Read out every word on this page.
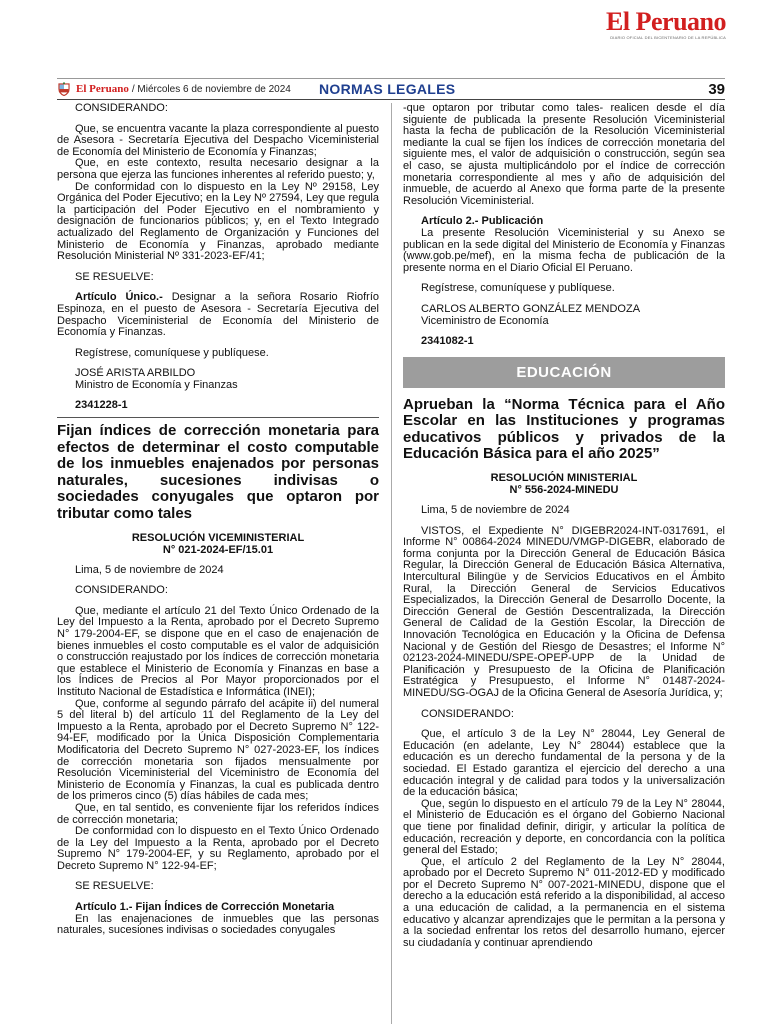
El Peruano
DIARIO OFICIAL DEL BICENTENARIO DE LA REPÚBLICA
El Peruano / Miércoles 6 de noviembre de 2024 NORMAS LEGALES	39

CONSIDERANDO:

Que, se encuentra vacante la plaza correspondiente al puesto de Asesora - Secretaría Ejecutiva del Despacho Viceministerial de Economía del Ministerio de Economía y Finanzas;

Que, en este contexto, resulta necesario designar a la persona que ejerza las funciones inherentes al referido puesto; y,

De conformidad con lo dispuesto en la Ley Nº 29158, Ley Orgánica del Poder Ejecutivo; en la Ley Nº 27594, Ley que regula la participación del Poder Ejecutivo en el nombramiento y designación de funcionarios públicos; y, en el Texto Integrado actualizado del Reglamento de Organización y Funciones del Ministerio de Economía y Finanzas, aprobado mediante Resolución Ministerial Nº 331-2023-EF/41;

SE RESUELVE:

Artículo Único.- Designar a la señora Rosario Riofrío Espinoza, en el puesto de Asesora - Secretaría Ejecutiva del Despacho Viceministerial de Economía del Ministerio de Economía y Finanzas.

Regístrese, comuníquese y publíquese.

JOSÉ ARISTA ARBILDO

Ministro de Economía y Finanzas

2341228-1

Fijan índices de corrección monetaria para efectos de determinar el costo computable de los inmuebles enajenados por personas naturales, sucesiones indivisas o sociedades conyugales que optaron por tributar como tales

RESOLUCIÓN VICEMINISTERIAL

N° 021-2024-EF/15.01

Lima, 5 de noviembre de 2024

CONSIDERANDO:

Que, mediante el artículo 21 del Texto Único Ordenado de la Ley del Impuesto a la Renta, aprobado por el Decreto Supremo N° 179-2004-EF, se dispone que en el caso de enajenación de bienes inmuebles el costo computable es el valor de adquisición o construcción reajustado por los índices de corrección monetaria que establece el Ministerio de Economía y Finanzas en base a los Índices de Precios al Por Mayor proporcionados por el Instituto Nacional de Estadística e Informática (INEI);

Que, conforme al segundo párrafo del acápite ii) del numeral 5 del literal b) del artículo 11 del Reglamento de la Ley del Impuesto a la Renta, aprobado por el Decreto Supremo N° 122-94-EF, modificado por la Única Disposición Complementaria Modificatoria del Decreto Supremo N° 027-2023-EF, los índices de corrección monetaria son fijados mensualmente por Resolución Viceministerial del Viceministro de Economía del Ministerio de Economía y Finanzas, la cual es publicada dentro de los primeros cinco (5) días hábiles de cada mes;

Que, en tal sentido, es conveniente fijar los referidos índices de corrección monetaria;

De conformidad con lo dispuesto en el Texto Único Ordenado de la Ley del Impuesto a la Renta, aprobado por el Decreto Supremo N° 179-2004-EF, y su Reglamento, aprobado por el Decreto Supremo N° 122-94-EF;

SE RESUELVE:

Artículo 1.- Fijan Índices de Corrección Monetaria

En las enajenaciones de inmuebles que las personas naturales, sucesiones indivisas o sociedades conyugales

-que optaron por tributar como tales- realicen desde el día siguiente de publicada la presente Resolución Viceministerial hasta la fecha de publicación de la Resolución Viceministerial mediante la cual se fijen los índices de corrección monetaria del siguiente mes, el valor de adquisición o construcción, según sea el caso, se ajusta multiplicándolo por el índice de corrección monetaria correspondiente al mes y año de adquisición del inmueble, de acuerdo al Anexo que forma parte de la presente Resolución Viceministerial.

Artículo 2.- Publicación

La presente Resolución Viceministerial y su Anexo se publican en la sede digital del Ministerio de Economía y Finanzas (www.gob.pe/mef), en la misma fecha de publicación de la presente norma en el Diario Oficial El Peruano.

Regístrese, comuníquese y publíquese.

CARLOS ALBERTO GONZÁLEZ MENDOZA

Viceministro de Economía

2341082-1

EDUCACIÓN

Aprueban la “Norma Técnica para el Año Escolar en las Instituciones y programas educativos públicos y privados de la Educación Básica para el año 2025”

RESOLUCIÓN MINISTERIAL

N° 556-2024-MINEDU

Lima, 5 de noviembre de 2024

VISTOS, el Expediente N° DIGEBR2024-INT-0317691, el Informe N° 00864-2024 MINEDU/VMGP-DIGEBR, elaborado de forma conjunta por la Dirección General de Educación Básica Regular, la Dirección General de Educación Básica Alternativa, Intercultural Bilingüe y de Servicios Educativos en el Ámbito Rural, la Dirección General de Servicios Educativos Especializados, la Dirección General de Desarrollo Docente, la Dirección General de Gestión Descentralizada, la Dirección General de Calidad de la Gestión Escolar, la Dirección de Innovación Tecnológica en Educación y la Oficina de Defensa Nacional y de Gestión del Riesgo de Desastres; el Informe N° 02123-2024-MINEDU/SPE-OPEP-UPP de la Unidad de Planificación y Presupuesto de la Oficina de Planificación Estratégica y Presupuesto, el Informe N° 01487-2024-MINEDU/SG-OGAJ de la Oficina General de Asesoría Jurídica, y;

CONSIDERANDO:

Que, el artículo 3 de la Ley N° 28044, Ley General de Educación (en adelante, Ley N° 28044) establece que la educación es un derecho fundamental de la persona y de la sociedad. El Estado garantiza el ejercicio del derecho a una educación integral y de calidad para todos y la universalización de la educación básica;

Que, según lo dispuesto en el artículo 79 de la Ley N° 28044, el Ministerio de Educación es el órgano del Gobierno Nacional que tiene por finalidad definir, dirigir, y articular la política de educación, recreación y deporte, en concordancia con la política general del Estado;

Que, el artículo 2 del Reglamento de la Ley N° 28044, aprobado por el Decreto Supremo N° 011-2012-ED y modificado por el Decreto Supremo N° 007-2021-MINEDU, dispone que el derecho a la educación está referido a la disponibilidad, al acceso a una educación de calidad, a la permanencia en el sistema educativo y alcanzar aprendizajes que le permitan a la persona y a la sociedad enfrentar los retos del desarrollo humano, ejercer su ciudadanía y continuar aprendiendo
